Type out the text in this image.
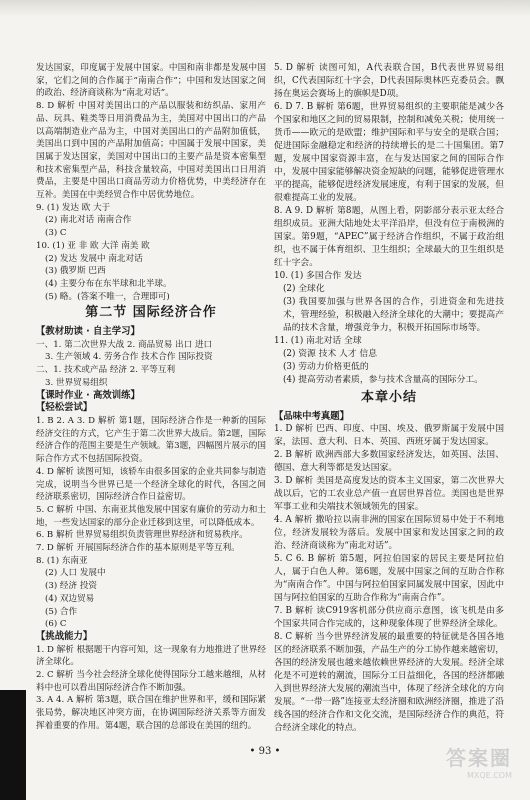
发达国家，印度属于发展中国家。中国和南非都是发展中国家，它们之间的合作属于“南南合作”；中国和发达国家之间的政治、经济商谈称为“南北对话”。

8. D 解析 中国对美国出口的产品以服装和纺织品、家用产品、玩具、鞋类等日用消费品为主，美国对中国出口的产品以高端制造业产品为主，中国对美国出口的产品附加值低，美国出口到中国的产品附加值高；中国属于发展中国家，美国属于发达国家，美国对中国出口的主要产品是资本密集型和技术密集型产品，科技含量较高，中国对美国出口日用消费品，主要是中国出口商品劳动力价格优势，中美经济存在互补。美国在中美经贸合作中居优势地位。

9. (1) 发达 欧 大于

(2) 南北对话 南南合作

(3) C

10. (1) 亚 非 欧 大洋 南美 欧

(2) 发达 发展中 南北对话

(3) 俄罗斯 巴西

(4) 主要分布在东半球和北半球。

(5) 略。(答案不唯一，合理即可)

第二节 国际经济合作

【教材助读 · 自主学习】

一、1. 第二次世界大战 2. 商品贸易 出口 进口

3. 生产领域 4. 劳务合作 技术合作 国际投资

二、1. 技术或产品 经济 2. 平等互利

3. 世界贸易组织

【课时作业 · 高效训练】

【轻松尝试】

1. B 2. A 3. D 解析 第1题，国际经济合作是一种新的国际经济交往的方式，它产生于第二次世界大战后。第2题，国际经济合作的范围主要是生产领域。第3题，四幅图片展示的国际合作方式不包括国际投资。

4. D 解析 读图可知，该轿车由很多国家的企业共同参与制造完成，说明当今世界已是一个经济全球化的时代，各国之间经济联系密切，国际经济合作日益密切。

5. C 解析 中国、东南亚其他发展中国家有廉价的劳动力和土地，一些发达国家的部分企业迁移到这里，可以降低成本。

6. B 解析 世界贸易组织负责管理世界经济和贸易秩序。

7. D 解析 开展国际经济合作的基本原则是平等互利。

8. (1) 东南亚

(2) 人口 发展中

(3) 经济 投资

(4) 双边贸易

(5) 合作

(6) C

【挑战能力】

1. D 解析 根据题干内容可知，这一现象有力地推进了世界经济全球化。

2. C 解析 当今社会经济全球化使得国际分工越来越细，从材料中也可以看出国际经济合作不断加强。

3. A 4. A 解析 第3题，联合国在维护世界和平，缓和国际紧张局势，解决地区冲突方面，在协调国际经济关系等方面发挥着重要的作用。第4题，联合国的总部设在美国的纽约。

5. D 解析 读图可知，A代表联合国，B代表世界贸易组织，C代表国际红十字会，D代表国际奥林匹克委员会。飘扬在奥运会赛场上的旗帜是D项。

6. D 7. B 解析 第6题，世界贸易组织的主要职能是减少各个国家和地区之间的贸易限制，控制和减免关税；使用统一货币——欧元的是欧盟；维护国际和平与安全的是联合国；促进国际金融稳定和经济的持续增长的是二十国集团。第7题，发展中国家资源丰富，在与发达国家之间的国际合作中，发展中国家能够解决资金短缺的问题，能够促进管理水平的提高，能够促进经济发展速度，有利于国家的发展，但很难提高工业的发展。

8. A 9. D 解析 第8题，从图上看，阴影部分表示亚太经合组织成员。亚洲大陆地处太平洋沿岸，但没有位于南极洲的国家。第9题，“APEC”属于经济合作组织，不属于政治组织，也不属于体育组织、卫生组织；全球最大的卫生组织是红十字会。

10. (1) 多国合作 发达

(2) 全球化

(3) 我国要加强与世界各国的合作，引进资金和先进技术，管理经验，积极融入经济全球化的大潮中；要提高产品的技术含量，增强竞争力，积极开拓国际市场等。

11. (1) 南北对话 全球

(2) 资源 技术 人才 信息

(3) 劳动力价格更低的

(4) 提高劳动者素质，参与技术含量高的国际分工。

本章小结

【品味中考真题】

1. D 解析 巴西、印度、中国、埃及、俄罗斯属于发展中国家，法国、意大利、日本、英国、西班牙属于发达国家。

2. B 解析 欧洲西部大多数国家经济发达，如英国、法国、德国、意大利等都是发达国家。

3. D 解析 美国是高度发达的资本主义国家，第二次世界大战以后，它的工农业总产值一直居世界首位。美国也是世界军事工业和尖端技术领域领先的国家。

4. A 解析 撒哈拉以南非洲的国家在国际贸易中处于不利地位，经济发展较为落后。发展中国家和发达国家之间的政治、经济商谈称为“南北对话”。

5. C 6. B 解析 第5题，阿拉伯国家的居民主要是阿拉伯人，属于白色人种。第6题，发展中国家之间的互助合作称为“南南合作”。中国与阿拉伯国家同属发展中国家，因此中国与阿拉伯国家的互助合作称为“南南合作”。

7. B 解析 读C919客机部分供应商示意图，该飞机是由多个国家共同合作完成的，这种现象体现了世界经济全球化。

8. C 解析 当今世界经济发展的最重要的特征就是各国各地区的经济联系不断加强，产品生产的分工协作越来越密切，各国的经济发展也越来越依赖世界经济的大发展。经济全球化是不可逆转的潮流，国际分工日益细化，各国的经济都融入到世界经济大发展的潮流当中，体现了经济全球化的方向发展。“一带一路”连接亚太经济圈和欧洲经济圈，推进了沿线各国的经济合作和文化交流，是国际经济合作的典范，符合经济全球化的特点。

• 93 •	答案圈
MXQE.COM
